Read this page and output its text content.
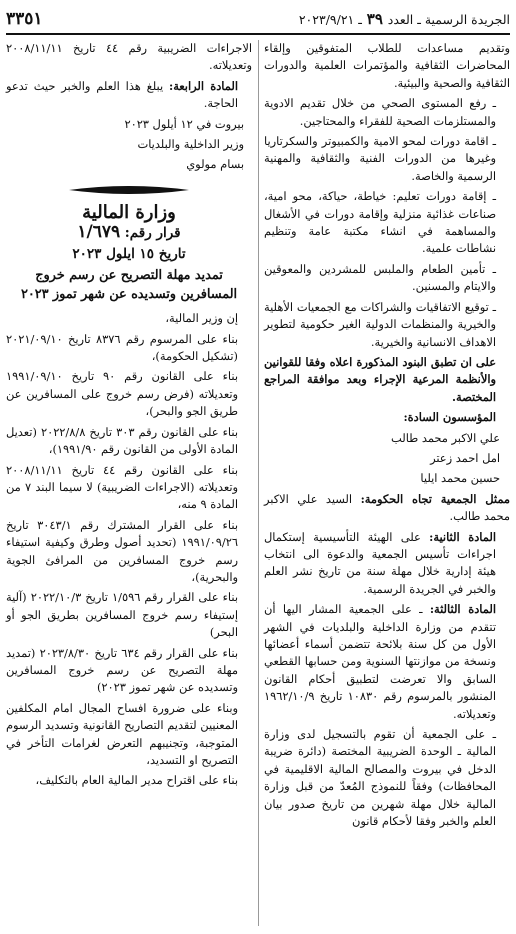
الجريدة الرسمية ـ العدد ٣٩ ـ ٢٠٢٣/٩/٢١
٣٣٥١

وتقديم مساعدات للطلاب المتفوقين وإلقاء المحاضرات الثقافية والمؤتمرات العلمية والدورات الثقافية والصحية والبيئية.

ـ رفع المستوى الصحي من خلال تقديم الادوية والمستلزمات الصحية للفقراء والمحتاجين.

ـ اقامة دورات لمحو الامية والكمبيوتر والسكرتاريا وغيرها من الدورات الفنية والثقافية والمهنية الرسمية والخاصة.

ـ إقامة دورات تعليم: خياطة، حياكة، محو امية، صناعات غذائية منزلية وإقامة دورات في الأشغال والمساهمة في انشاء مكتبة عامة وتنظيم نشاطات علمية.

ـ تأمين الطعام والملبس للمشردين والمعوقين والايتام والمسنين.

ـ توقيع الاتفاقيات والشراكات مع الجمعيات الأهلية والخيرية والمنظمات الدولية الغير حكومية لتطوير الاهداف الانسانية والخيرية.

على ان تطبق البنود المذكورة اعلاه وفقا للقوانين والأنظمة المرعية الإجراء وبعد موافقة المراجع المختصة.

المؤسسون السادة:

علي الاكبر محمد طالب

امل احمد زعتر

حسين محمد ايليا

ممثل الجمعية تجاه الحكومة: السيد علي الاكبر محمد طالب.

المادة الثانية: على الهيئة التأسيسية إستكمال اجراءات تأسيس الجمعية والدعوة الى انتخاب هيئة إدارية خلال مهلة سنة من تاريخ نشر العلم والخبر في الجريدة الرسمية.

المادة الثالثة: ـ على الجمعية المشار اليها أن تتقدم من وزارة الداخلية والبلديات في الشهر الأول من كل سنة بلائحة تتضمن أسماء أعضائها ونسخة من موازنتها السنوية ومن حسابها القطعي السابق والا تعرضت لتطبيق أحكام القانون المنشور بالمرسوم رقم ١٠٨٣٠ تاريخ ١٩٦٢/١٠/٩ وتعديلاته.

ـ على الجمعية أن تقوم بالتسجيل لدى وزارة المالية ـ الوحدة الضريبية المختصة (دائرة ضريبة الدخل في بيروت والمصالح المالية الاقليمية في المحافظات) وفقاً للنموذج المُعدّ من قبل وزارة المالية خلال مهلة شهرين من تاريخ صدور بيان العلم والخبر وفقا لأحكام قانون

الاجراءات الضريبية رقم ٤٤ تاريخ ٢٠٠٨/١١/١١ وتعديلاته.

المادة الرابعة: يبلغ هذا العلم والخبر حيث تدعو الحاجة.

بيروت في ١٢ أيلول ٢٠٢٣

وزير الداخلية والبلديات

بسام مولوي

وزارة المالية
قرار رقم: ١/٦٧٩
تاريخ ١٥ ايلول ٢٠٢٣
تمديد مهلة التصريح عن رسم خروج المسافرين وتسديده عن شهر تموز ٢٠٢٣

إن وزير المالية،

بناء على المرسوم رقم ٨٣٧٦ تاريخ ٢٠٢١/٠٩/١٠ (تشكيل الحكومة)،

بناء على القانون رقم ٩٠ تاريخ ١٩٩١/٠٩/١٠ وتعديلاته (فرض رسم خروج على المسافرين عن طريق الجو والبحر)،

بناء على القانون رقم ٣٠٣ تاريخ ٢٠٢٢/٨/٨ (تعديل المادة الأولى من القانون رقم ١٩٩١/٩٠)،

بناء على القانون رقم ٤٤ تاريخ ٢٠٠٨/١١/١١ وتعديلاته (الاجراءات الضريبية) لا سيما البند ٧ من المادة ٩ منه،

بناء على القرار المشترك رقم ٣٠٤٣/١ تاريخ ١٩٩١/٠٩/٢٦ (تحديد أصول وطرق وكيفية استيفاء رسم خروج المسافرين من المرافئ الجوية والبحرية)،

بناء على القرار رقم ١/٥٩٦ تاريخ ٢٠٢٢/١٠/٣ (آلية إستيفاء رسم خروج المسافرين بطريق الجو أو البحر)

بناء على القرار رقم ٦٣٤ تاريخ ٢٠٢٣/٨/٣٠ (تمديد مهلة التصريح عن رسم خروج المسافرين وتسديده عن شهر تموز ٢٠٢٣)

وبناء على ضرورة افساح المجال امام المكلفين المعنيين لتقديم التصاريح القانونية وتسديد الرسوم المتوجبة، وتجنيبهم التعرض لغرامات التأخر في التصريح او التسديد،

بناء على اقتراح مدير المالية العام بالتكليف،
